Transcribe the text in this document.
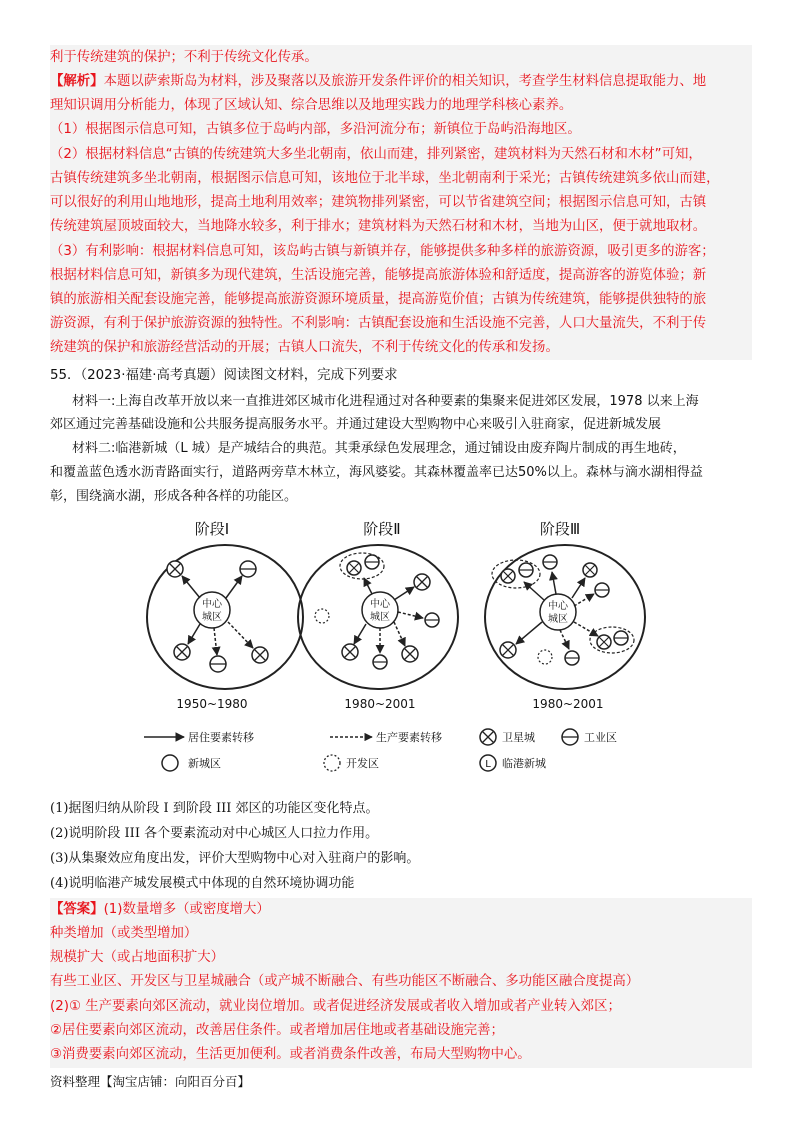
利于传统建筑的保护；不利于传统文化传承。
【解析】本题以萨索斯岛为材料，涉及聚落以及旅游开发条件评价的相关知识，考查学生材料信息提取能力、地
理知识调用分析能力，体现了区域认知、综合思维以及地理实践力的地理学科核心素养。
（1）根据图示信息可知，古镇多位于岛屿内部，多沿河流分布；新镇位于岛屿沿海地区。
（2）根据材料信息“古镇的传统建筑大多坐北朝南，依山而建，排列紧密，建筑材料为天然石材和木材”可知，
古镇传统建筑多坐北朝南，根据图示信息可知，该地位于北半球，坐北朝南利于采光；古镇传统建筑多依山而建，
可以很好的利用山地地形，提高土地利用效率；建筑物排列紧密，可以节省建筑空间；根据图示信息可知，古镇
传统建筑屋顶坡面较大，当地降水较多，利于排水；建筑材料为天然石材和木材，当地为山区，便于就地取材。
（3）有利影响：根据材料信息可知，该岛屿古镇与新镇并存，能够提供多种多样的旅游资源，吸引更多的游客；
根据材料信息可知，新镇多为现代建筑，生活设施完善，能够提高旅游体验和舒适度，提高游客的游览体验；新
镇的旅游相关配套设施完善，能够提高旅游资源环境质量，提高游览价值；古镇为传统建筑，能够提供独特的旅
游资源，有利于保护旅游资源的独特性。不利影响：古镇配套设施和生活设施不完善，人口大量流失，不利于传
统建筑的保护和旅游经营活动的开展；古镇人口流失，不利于传统文化的传承和发扬。
55．（2023·福建·高考真题）阅读图文材料，完成下列要求
材料一:上海自改革开放以来一直推进郊区城市化进程通过对各种要素的集聚来促进郊区发展，1978 以来上海
郊区通过完善基础设施和公共服务提高服务水平。并通过建设大型购物中心来吸引入驻商家，促进新城发展
材料二:临港新城（L 城）是产城结合的典范。其秉承绿色发展理念，通过铺设由废弃陶片制成的再生地砖，
和覆盖蓝色透水沥青路面实行，道路两旁草木林立，海风婆娑。其森林覆盖率已达50%以上。森林与滴水湖相得益
彰，围绕滴水湖，形成各种各样的功能区。
阶段Ⅰ	阶段Ⅱ	阶段Ⅲ
中心
城区
1950~1980
中心
城区
1980~2001
中心
城区
1980~2001
居住要素转移	生产要素转移	卫星城	工业区
新城区	开发区	L 临港新城
(1)据图归纳从阶段 I 到阶段 III 郊区的功能区变化特点。
(2)说明阶段 III 各个要素流动对中心城区人口拉力作用。
(3)从集聚效应角度出发，评价大型购物中心对入驻商户的影响。
(4)说明临港产城发展模式中体现的自然环境协调功能
【答案】(1)数量增多（或密度增大）
种类增加（或类型增加）
规模扩大（或占地面积扩大）
有些工业区、开发区与卫星城融合（或产城不断融合、有些功能区不断融合、多功能区融合度提高）
(2)① 生产要素向郊区流动，就业岗位增加。或者促进经济发展或者收入增加或者产业转入郊区；
②居住要素向郊区流动，改善居住条件。或者增加居住地或者基础设施完善；
③消费要素向郊区流动，生活更加便利。或者消费条件改善，布局大型购物中心。
资料整理【淘宝店铺：向阳百分百】
